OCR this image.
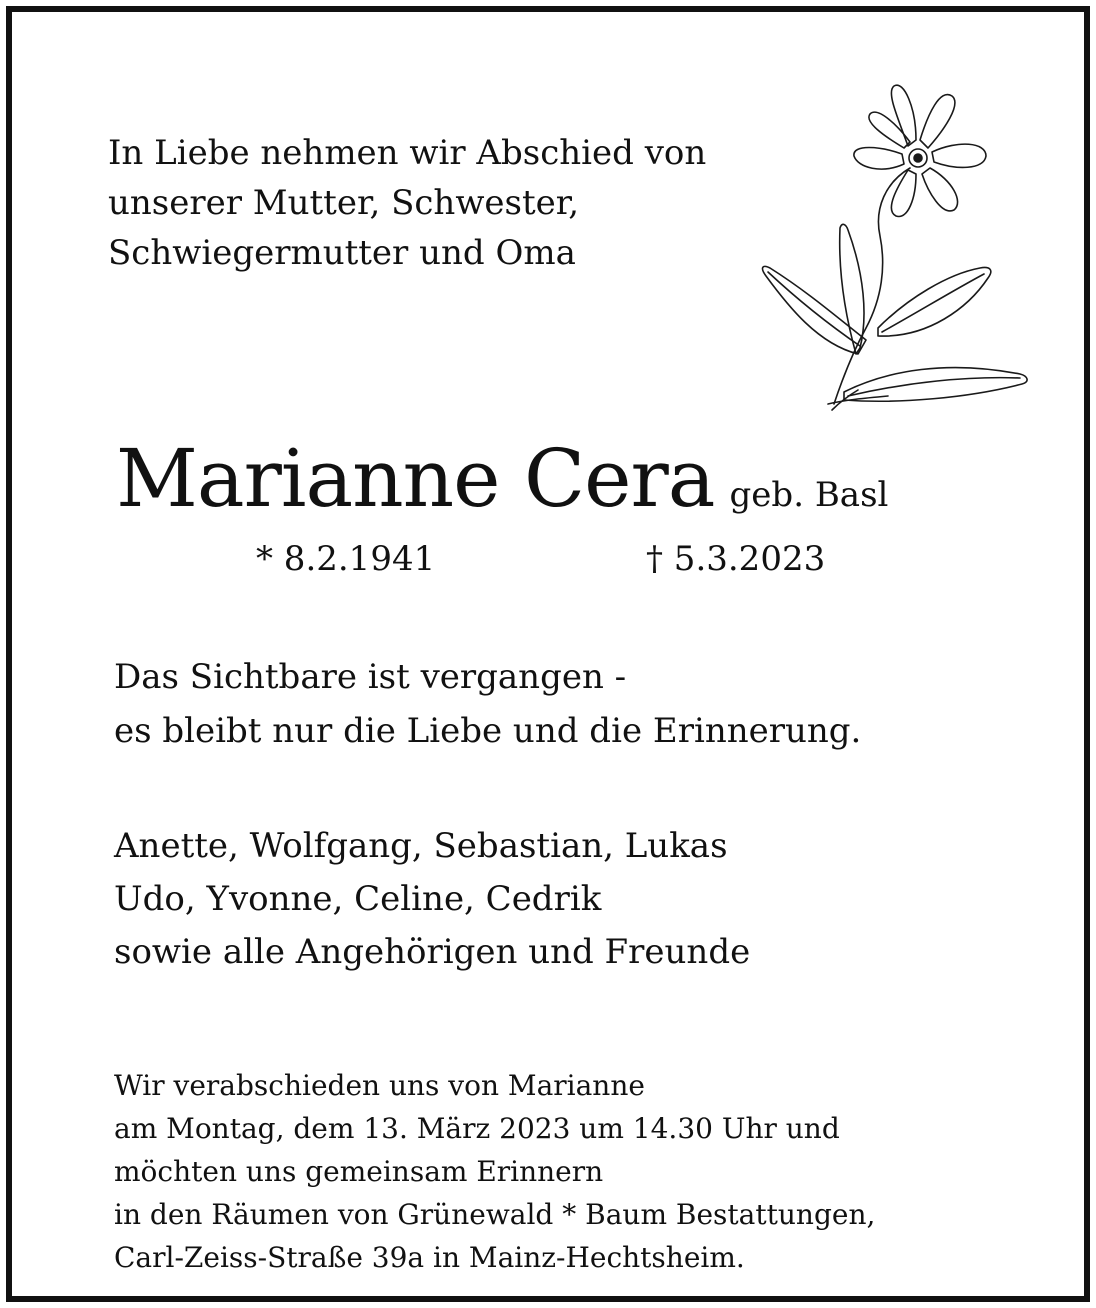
In Liebe nehmen wir Abschied von
unserer Mutter, Schwester,
Schwiegermutter und Oma
Marianne Cera geb. Basl
* 8.2.1941	† 5.3.2023
Das Sichtbare ist vergangen -
es bleibt nur die Liebe und die Erinnerung.
Anette, Wolfgang, Sebastian, Lukas
Udo, Yvonne, Celine, Cedrik
sowie alle Angehörigen und Freunde
Wir verabschieden uns von Marianne
am Montag, dem 13. März 2023 um 14.30 Uhr und
möchten uns gemeinsam Erinnern
in den Räumen von Grünewald * Baum Bestattungen,
Carl-Zeiss-Straße 39a in Mainz-Hechtsheim.
